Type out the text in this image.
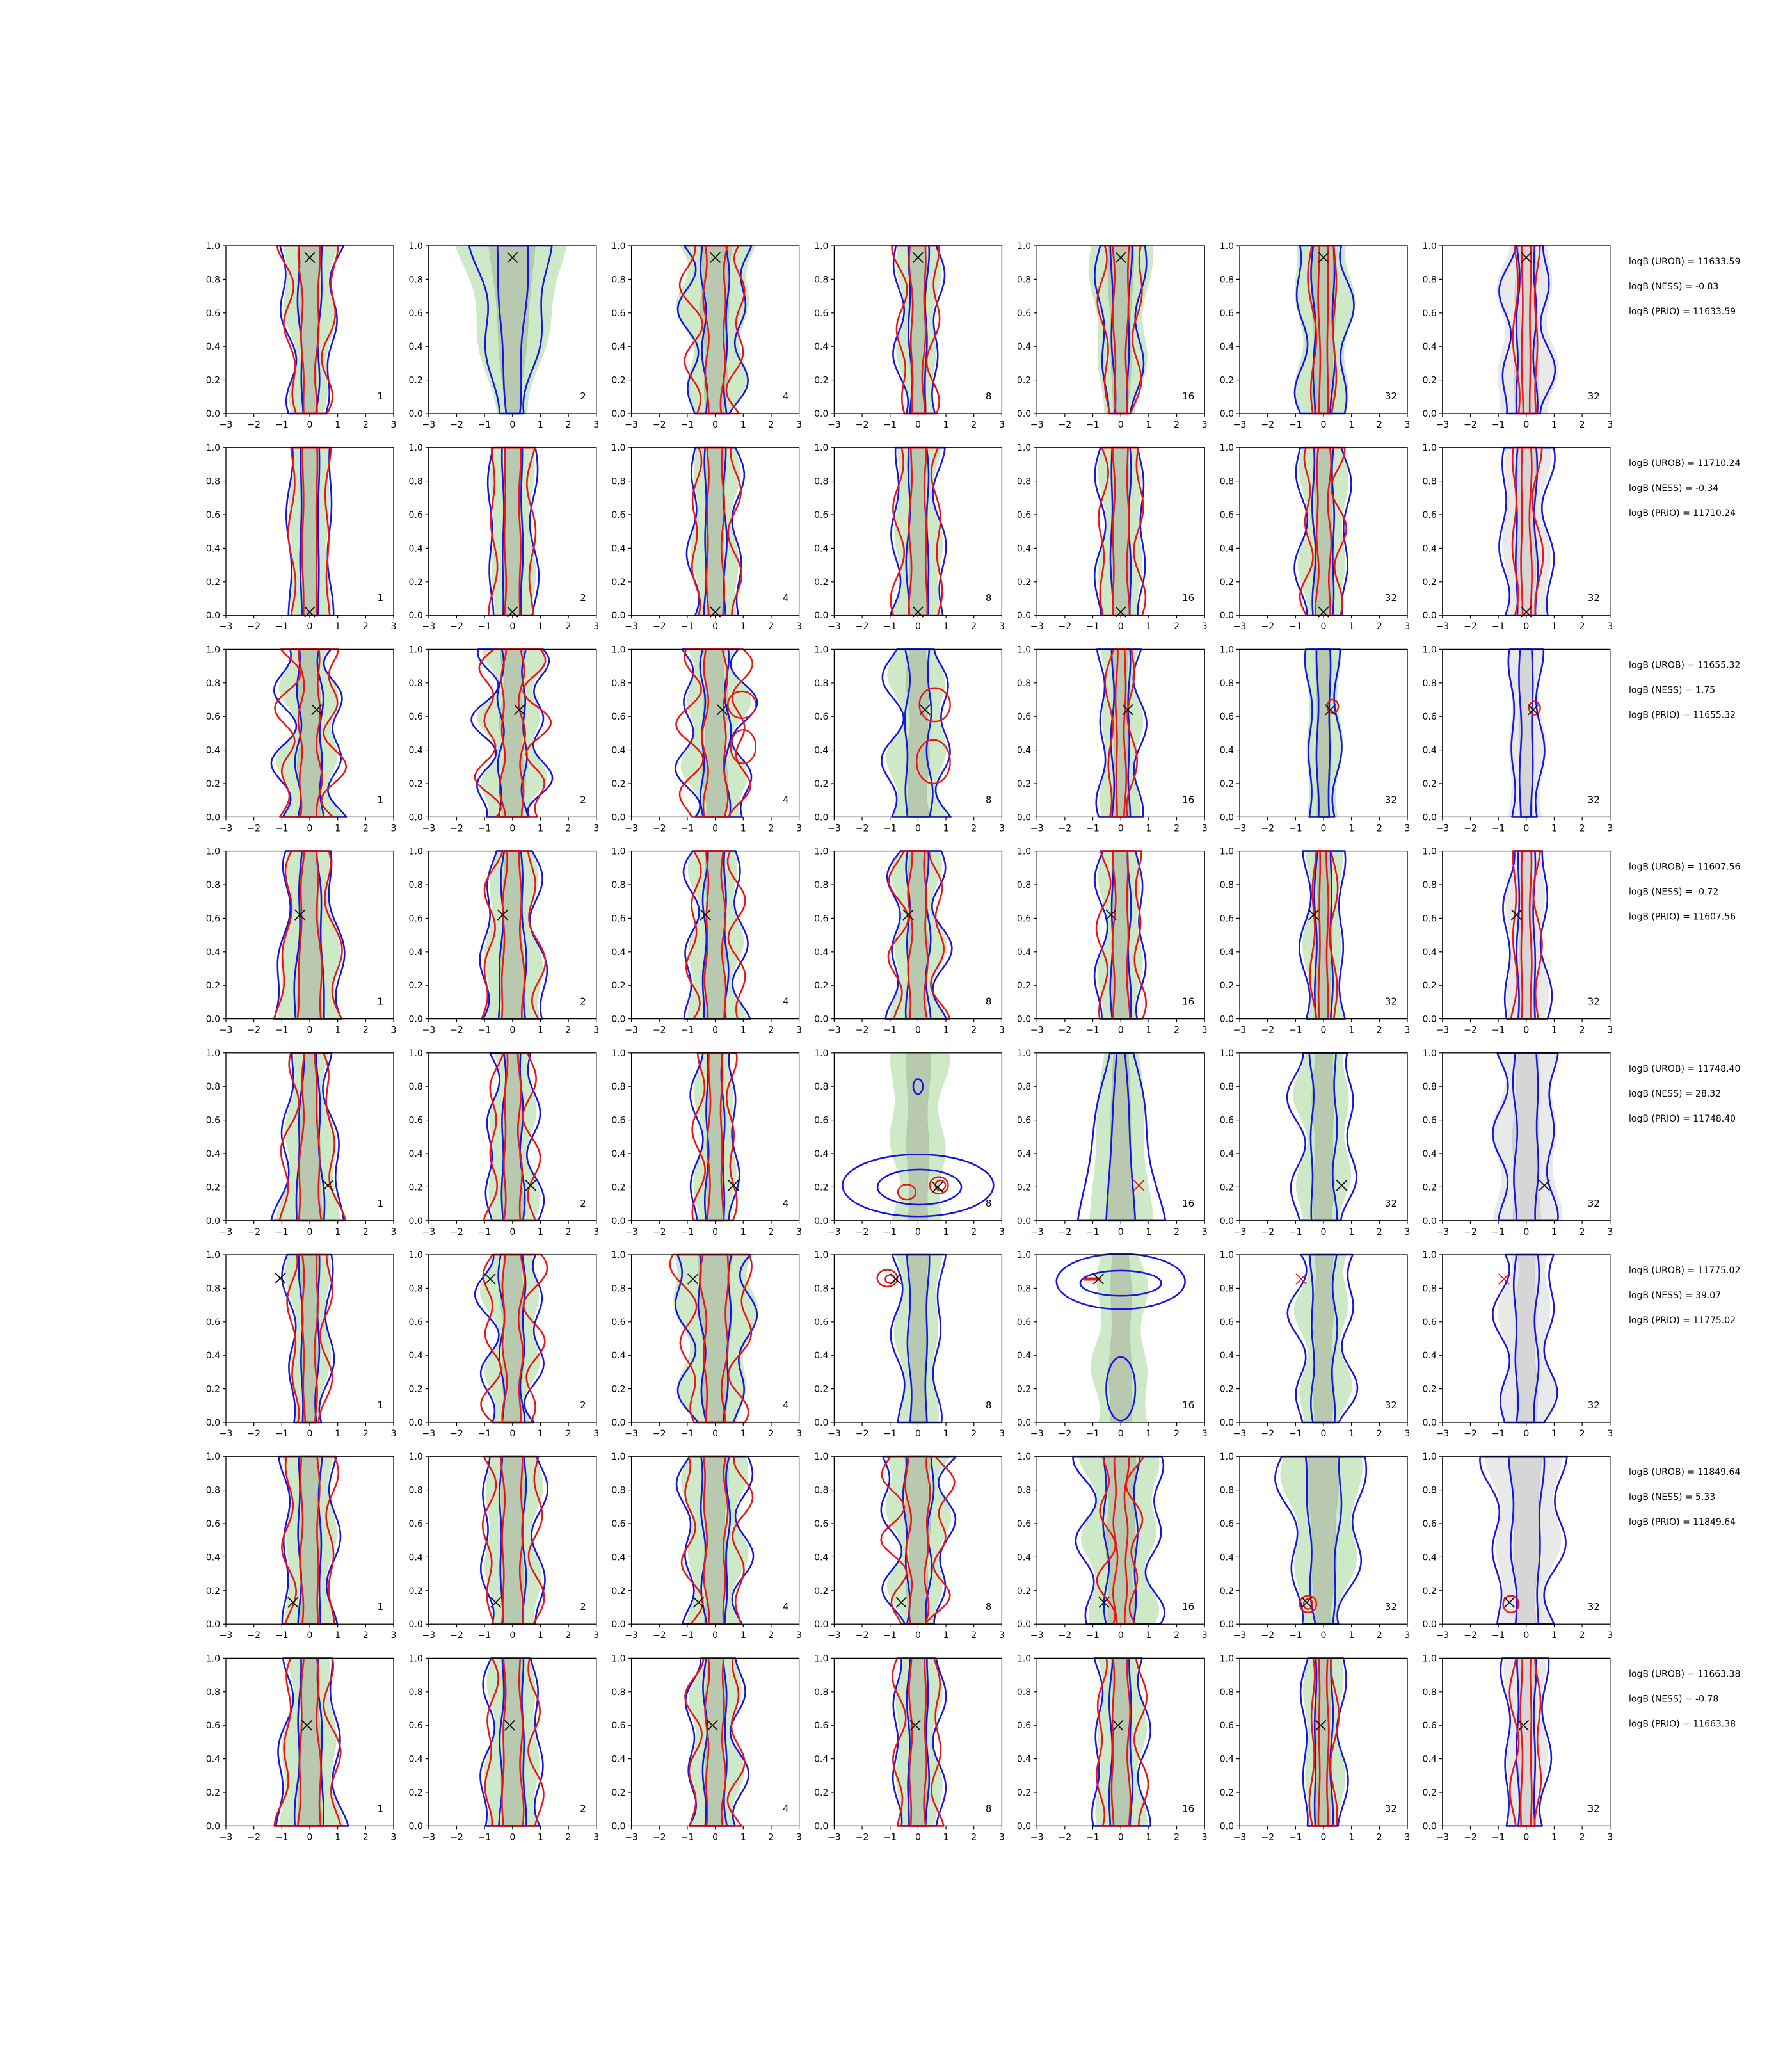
−3 −2 −1 0 1 2 3
0.0
0.2
0.4
0.6
0.8
1.0
1
−3 −2 −1 0 1 2 3
0.0
0.2
0.4
0.6
0.8
1.0
2
−3 −2 −1 0 1 2 3
0.0
0.2
0.4
0.6
0.8
1.0
4
−3 −2 −1 0 1 2 3
0.0
0.2
0.4
0.6
0.8
1.0
8
−3 −2 −1 0 1 2 3
0.0
0.2
0.4
0.6
0.8
1.0
16
−3 −2 −1 0 1 2 3
0.0
0.2
0.4
0.6
0.8
1.0
32
−3 −2 −1 0 1 2 3
0.0
0.2
0.4
0.6
0.8
1.0
32
−3 −2 −1 0 1 2 3
0.0
0.2
0.4
0.6
0.8
1.0
1
−3 −2 −1 0 1 2 3
0.0
0.2
0.4
0.6
0.8
1.0
2
−3 −2 −1 0 1 2 3
0.0
0.2
0.4
0.6
0.8
1.0
4
−3 −2 −1 0 1 2 3
0.0
0.2
0.4
0.6
0.8
1.0
8
−3 −2 −1 0 1 2 3
0.0
0.2
0.4
0.6
0.8
1.0
16
−3 −2 −1 0 1 2 3
0.0
0.2
0.4
0.6
0.8
1.0
32
−3 −2 −1 0 1 2 3
0.0
0.2
0.4
0.6
0.8
1.0
32
−3 −2 −1 0 1 2 3
0.0
0.2
0.4
0.6
0.8
1.0
1
−3 −2 −1 0 1 2 3
0.0
0.2
0.4
0.6
0.8
1.0
2
−3 −2 −1 0 1 2 3
0.0
0.2
0.4
0.6
0.8
1.0
4
−3 −2 −1 0 1 2 3
0.0
0.2
0.4
0.6
0.8
1.0
8
−3 −2 −1 0 1 2 3
0.0
0.2
0.4
0.6
0.8
1.0
16
−3 −2 −1 0 1 2 3
0.0
0.2
0.4
0.6
0.8
1.0
32
−3 −2 −1 0 1 2 3
0.0
0.2
0.4
0.6
0.8
1.0
32
−3 −2 −1 0 1 2 3
0.0
0.2
0.4
0.6
0.8
1.0
1
−3 −2 −1 0 1 2 3
0.0
0.2
0.4
0.6
0.8
1.0
2
−3 −2 −1 0 1 2 3
0.0
0.2
0.4
0.6
0.8
1.0
4
−3 −2 −1 0 1 2 3
0.0
0.2
0.4
0.6
0.8
1.0
8
−3 −2 −1 0 1 2 3
0.0
0.2
0.4
0.6
0.8
1.0
16
−3 −2 −1 0 1 2 3
0.0
0.2
0.4
0.6
0.8
1.0
32
−3 −2 −1 0 1 2 3
0.0
0.2
0.4
0.6
0.8
1.0
32
−3 −2 −1 0 1 2 3
0.0
0.2
0.4
0.6
0.8
1.0
1
−3 −2 −1 0 1 2 3
0.0
0.2
0.4
0.6
0.8
1.0
2
−3 −2 −1 0 1 2 3
0.0
0.2
0.4
0.6
0.8
1.0
4
−3 −2 −1 0 1 2 3
0.0
0.2
0.4
0.6
0.8
1.0
8
−3 −2 −1 0 1 2 3
0.0
0.2
0.4
0.6
0.8
1.0
16
−3 −2 −1 0 1 2 3
0.0
0.2
0.4
0.6
0.8
1.0
32
−3 −2 −1 0 1 2 3
0.0
0.2
0.4
0.6
0.8
1.0
32
−3 −2 −1 0 1 2 3
0.0
0.2
0.4
0.6
0.8
1.0
1
−3 −2 −1 0 1 2 3
0.0
0.2
0.4
0.6
0.8
1.0
2
−3 −2 −1 0 1 2 3
0.0
0.2
0.4
0.6
0.8
1.0
4
−3 −2 −1 0 1 2 3
0.0
0.2
0.4
0.6
0.8
1.0
8
−3 −2 −1 0 1 2 3
0.0
0.2
0.4
0.6
0.8
1.0
16
−3 −2 −1 0 1 2 3
0.0
0.2
0.4
0.6
0.8
1.0
32
−3 −2 −1 0 1 2 3
0.0
0.2
0.4
0.6
0.8
1.0
32
−3 −2 −1 0 1 2 3
0.0
0.2
0.4
0.6
0.8
1.0
1
−3 −2 −1 0 1 2 3
0.0
0.2
0.4
0.6
0.8
1.0
2
−3 −2 −1 0 1 2 3
0.0
0.2
0.4
0.6
0.8
1.0
4
−3 −2 −1 0 1 2 3
0.0
0.2
0.4
0.6
0.8
1.0
8
−3 −2 −1 0 1 2 3
0.0
0.2
0.4
0.6
0.8
1.0
16
−3 −2 −1 0 1 2 3
0.0
0.2
0.4
0.6
0.8
1.0
32
−3 −2 −1 0 1 2 3
0.0
0.2
0.4
0.6
0.8
1.0
32
−3 −2 −1 0 1 2 3
0.0
0.2
0.4
0.6
0.8
1.0
1
−3 −2 −1 0 1 2 3
0.0
0.2
0.4
0.6
0.8
1.0
2
−3 −2 −1 0 1 2 3
0.0
0.2
0.4
0.6
0.8
1.0
4
−3 −2 −1 0 1 2 3
0.0
0.2
0.4
0.6
0.8
1.0
8
−3 −2 −1 0 1 2 3
0.0
0.2
0.4
0.6
0.8
1.0
16
−3 −2 −1 0 1 2 3
0.0
0.2
0.4
0.6
0.8
1.0
32
−3 −2 −1 0 1 2 3
0.0
0.2
0.4
0.6
0.8
1.0
32
logB (UROB) = 11633.59
logB (NESS) = -0.83
logB (PRIO) = 11633.59
logB (UROB) = 11710.24
logB (NESS) = -0.34
logB (PRIO) = 11710.24
logB (UROB) = 11655.32
logB (NESS) = 1.75
logB (PRIO) = 11655.32
logB (UROB) = 11607.56
logB (NESS) = -0.72
logB (PRIO) = 11607.56
logB (UROB) = 11748.40
logB (NESS) = 28.32
logB (PRIO) = 11748.40
logB (UROB) = 11775.02
logB (NESS) = 39.07
logB (PRIO) = 11775.02
logB (UROB) = 11849.64
logB (NESS) = 5.33
logB (PRIO) = 11849.64
logB (UROB) = 11663.38
logB (NESS) = -0.78
logB (PRIO) = 11663.38
